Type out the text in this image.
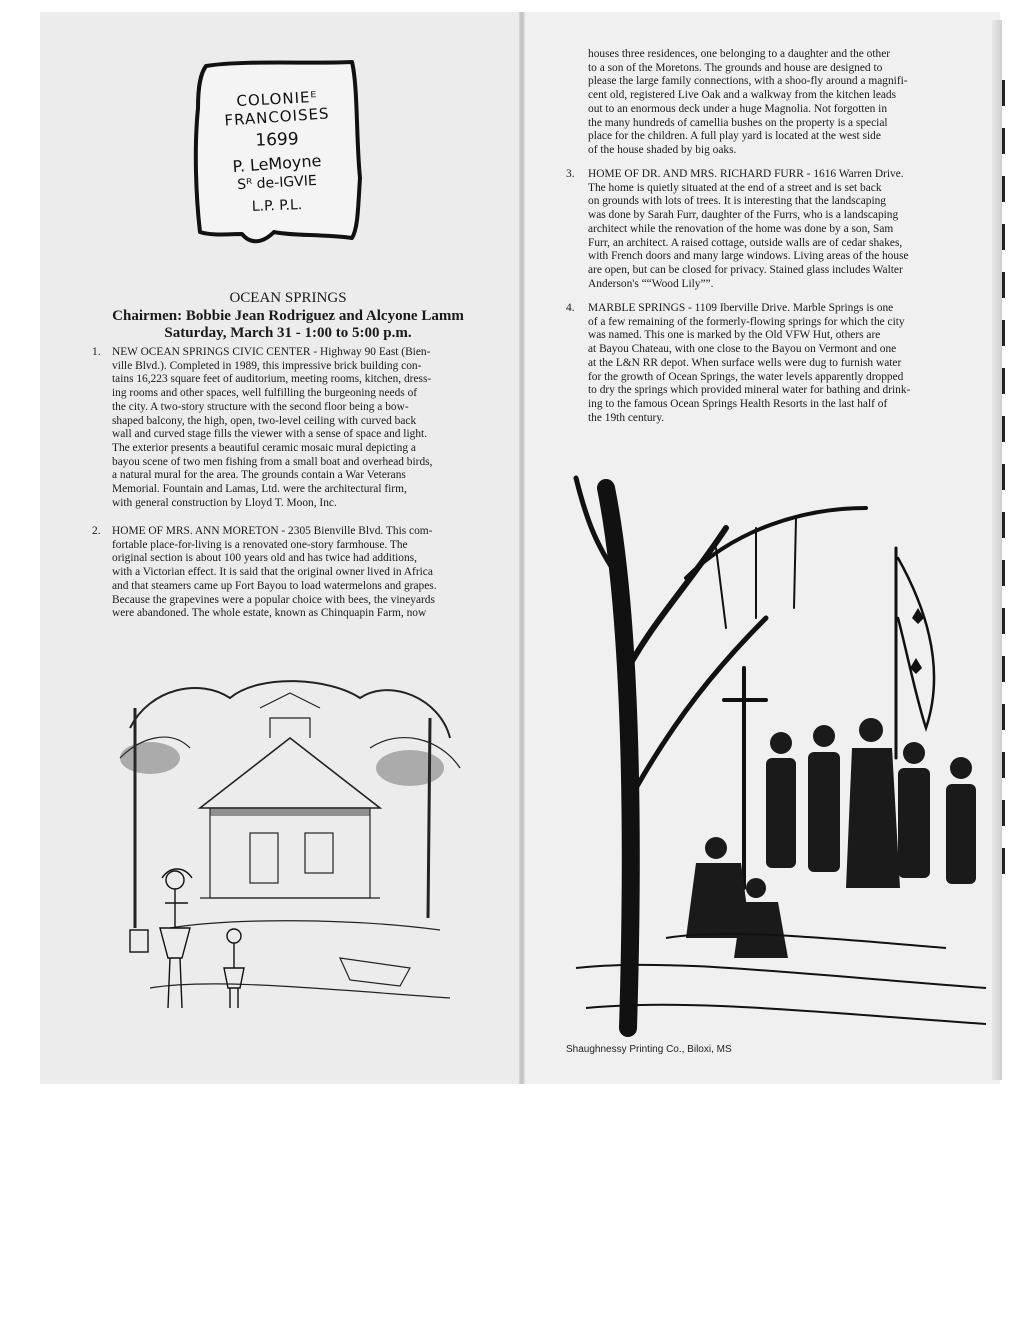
COLONIEᴱ
FRANCOISES
1699
P. LeMoyne
Sᴿ de-IGVIE
L.P. P.L.
OCEAN SPRINGS
Chairmen: Bobbie Jean Rodriguez and Alcyone Lamm
Saturday, March 31 - 1:00 to 5:00 p.m.
1. NEW OCEAN SPRINGS CIVIC CENTER - Highway 90 East (Bien-
ville Blvd.). Completed in 1989, this impressive brick building con-
tains 16,223 square feet of auditorium, meeting rooms, kitchen, dress-
ing rooms and other spaces, well fulfilling the burgeoning needs of
the city. A two-story structure with the second floor being a bow-
shaped balcony, the high, open, two-level ceiling with curved back
wall and curved stage fills the viewer with a sense of space and light.
The exterior presents a beautiful ceramic mosaic mural depicting a
bayou scene of two men fishing from a small boat and overhead birds,
a natural mural for the area. The grounds contain a War Veterans
Memorial. Fountain and Lamas, Ltd. were the architectural firm,
with general construction by Lloyd T. Moon, Inc.
2. HOME OF MRS. ANN MORETON - 2305 Bienville Blvd. This com-
fortable place-for-living is a renovated one-story farmhouse. The
original section is about 100 years old and has twice had additions,
with a Victorian effect. It is said that the original owner lived in Africa
and that steamers came up Fort Bayou to load watermelons and grapes.
Because the grapevines were a popular choice with bees, the vineyards
were abandoned. The whole estate, known as Chinquapin Farm, now
houses three residences, one belonging to a daughter and the other
to a son of the Moretons. The grounds and house are designed to
please the large family connections, with a shoo-fly around a magnifi-
cent old, registered Live Oak and a walkway from the kitchen leads
out to an enormous deck under a huge Magnolia. Not forgotten in
the many hundreds of camellia bushes on the property is a special
place for the children. A full play yard is located at the west side
of the house shaded by big oaks.
3. HOME OF DR. AND MRS. RICHARD FURR - 1616 Warren Drive.
The home is quietly situated at the end of a street and is set back
on grounds with lots of trees. It is interesting that the landscaping
was done by Sarah Furr, daughter of the Furrs, who is a landscaping
architect while the renovation of the home was done by a son, Sam
Furr, an architect. A raised cottage, outside walls are of cedar shakes,
with French doors and many large windows. Living areas of the house
are open, but can be closed for privacy. Stained glass includes Walter
Anderson's ““Wood Lily””.
4. MARBLE SPRINGS - 1109 Iberville Drive. Marble Springs is one
of a few remaining of the formerly-flowing springs for which the city
was named. This one is marked by the Old VFW Hut, others are
at Bayou Chateau, with one close to the Bayou on Vermont and one
at the L&N RR depot. When surface wells were dug to furnish water
for the growth of Ocean Springs, the water levels apparently dropped
to dry the springs which provided mineral water for bathing and drink-
ing to the famous Ocean Springs Health Resorts in the last half of
the 19th century.
Shaughnessy Printing Co., Biloxi, MS
